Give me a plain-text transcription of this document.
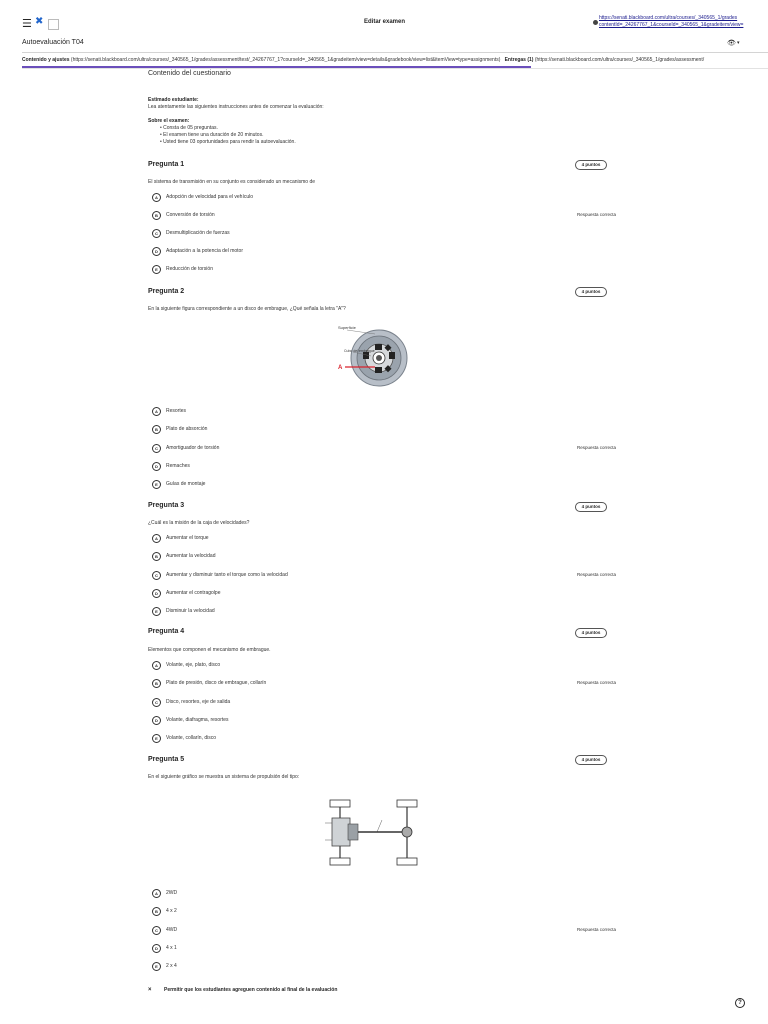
☰ ✖	Editar examen
https://senati.blackboard.com/ultra/courses/_340565_1/grades
contentId=_24267767_1&courseId=_340565_1&gradeitem/view=
Autoevaluación T04	👁 ▾
Contenido y ajustes (https://senati.blackboard.com/ultra/courses/_340565_1/grades/assessment/test/_24267767_1?courseId=_340565_1&gradeitem/view=details&gradebook/view=list&itemView=type=assignments) Entregas (1) (https://senati.blackboard.com/ultra/courses/_340565_1/grades/assessment/
Contenido del cuestionario
Estimado estudiante:
Lea atentamente las siguientes instrucciones antes de comenzar la evaluación:
Sobre el examen:
• Consta de 05 preguntas.
• El examen tiene una duración de 20 minutos.
• Usted tiene 03 oportunidades para rendir la autoevaluación.
Pregunta 1	4 puntos
El sistema de transmisión en su conjunto es considerado un mecanismo de
A	Adopción de velocidad para el vehículo
B	Conversión de torsión	Respuesta correcta
C	Desmultiplicación de fuerzas
D	Adaptación a la potencia del motor
E	Reducción de torsión
Pregunta 2	4 puntos
En la siguiente figura correspondiente a un disco de embrague, ¿Qué señala la letra "A"?
A	Resortes
B	Plato de absorción
C	Amortiguador de torsión	Respuesta correcta
D	Remaches
E	Guías de montaje
Pregunta 3	4 puntos
¿Cuál es la misión de la caja de velocidades?
A	Aumentar el torque
B	Aumentar la velocidad
C	Aumentar y disminuir tanto el torque como la velocidad	Respuesta correcta
D	Aumentar el contragolpe
E	Disminuir la velocidad
Pregunta 4	4 puntos
Elementos que componen el mecanismo de embrague.
A	Volante, eje, plato, disco
B	Plato de presión, disco de embrague, collarín	Respuesta correcta
C	Disco, resortes, eje de salida
D	Volante, diafragma, resortes
E	Volante, collarín, disco
Pregunta 5	4 puntos
En el siguiente gráfico se muestra un sistema de propulsión del tipo:
A	2WD
B	4 x 2
C	4WD	Respuesta correcta
D	4 x 1
E	2 x 4
Superficie
Cubo del embrague
A
× Permitir que los estudiantes agreguen contenido al final de la evaluación
?
